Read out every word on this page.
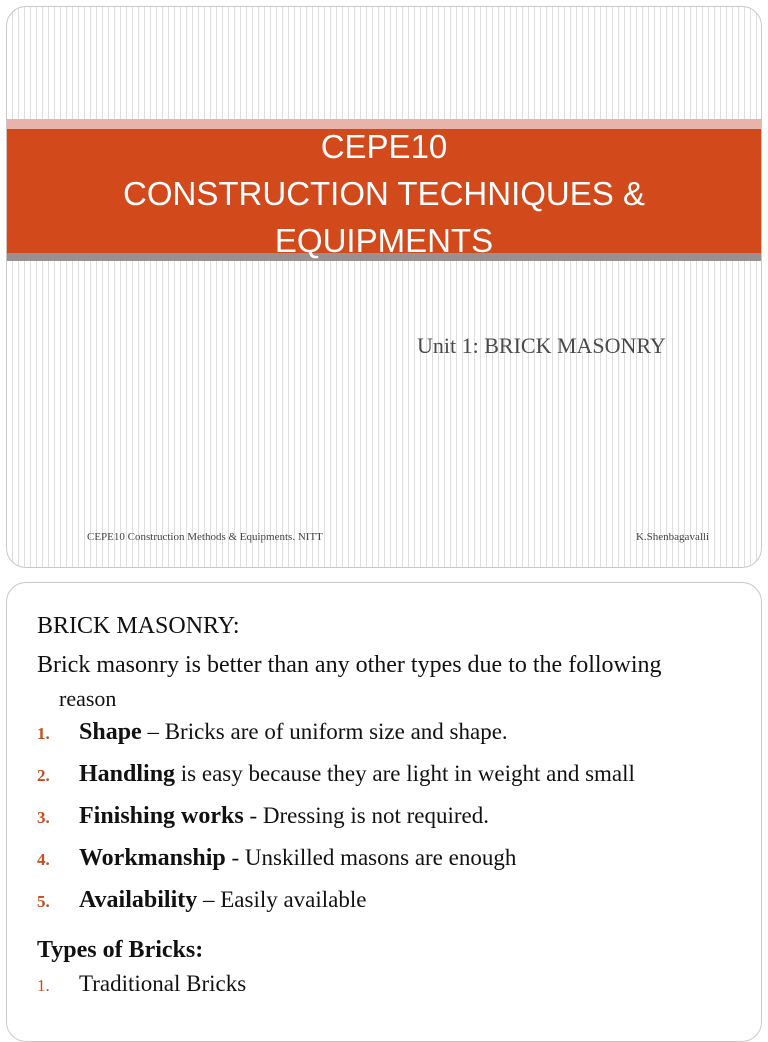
CEPE10
CONSTRUCTION TECHNIQUES &
EQUIPMENTS
Unit 1: BRICK MASONRY
CEPE10 Construction Methods & Equipments. NITT	K.Shenbagavalli
BRICK MASONRY:
Brick masonry is better than any other types due to the following
reason
1.	Shape – Bricks are of uniform size and shape.
2.	Handling is easy because they are light in weight and small
3.	Finishing works - Dressing is not required.
4.	Workmanship - Unskilled masons are enough
5.	Availability – Easily available
Types of Bricks:
1.	Traditional Bricks
